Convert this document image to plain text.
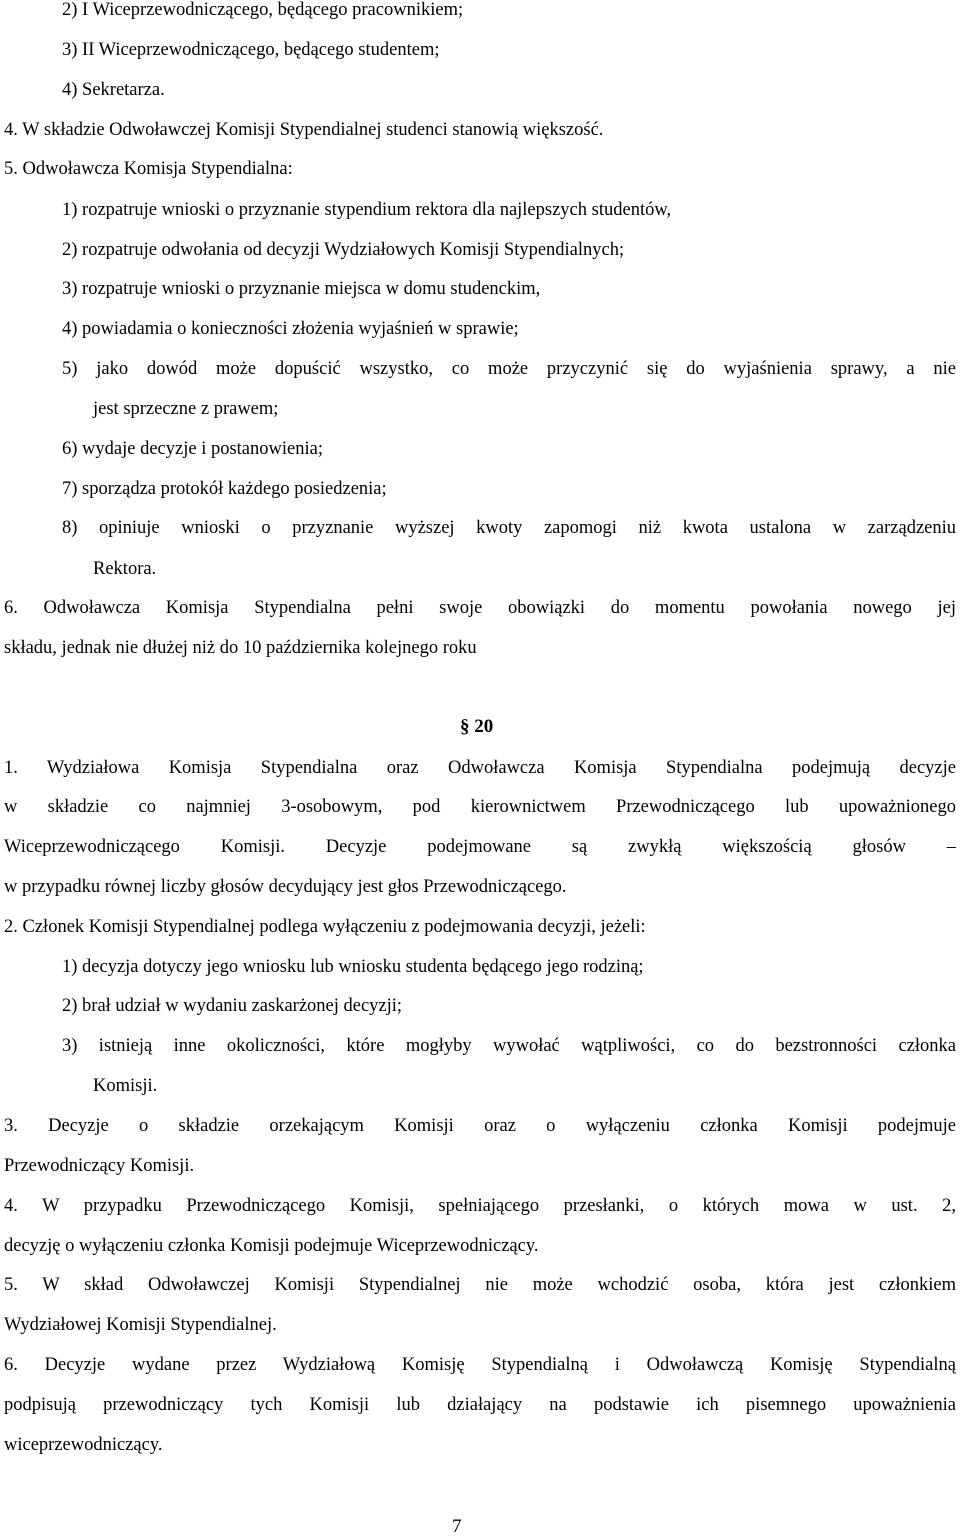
2) I Wiceprzewodniczącego, będącego pracownikiem;
3) II Wiceprzewodniczącego, będącego studentem;
4) Sekretarza.
4. W składzie Odwoławczej Komisji Stypendialnej studenci stanowią większość.
5. Odwoławcza Komisja Stypendialna:
1) rozpatruje wnioski o przyznanie stypendium rektora dla najlepszych studentów,
2) rozpatruje odwołania od decyzji Wydziałowych Komisji Stypendialnych;
3) rozpatruje wnioski o przyznanie miejsca w domu studenckim,
4) powiadamia o konieczności złożenia wyjaśnień w sprawie;
5) jako dowód może dopuścić wszystko, co może przyczynić się do wyjaśnienia sprawy, a nie
jest sprzeczne z prawem;
6) wydaje decyzje i postanowienia;
7) sporządza protokół każdego posiedzenia;
8) opiniuje wnioski o przyznanie wyższej kwoty zapomogi niż kwota ustalona w zarządzeniu
Rektora.
6. Odwoławcza Komisja Stypendialna pełni swoje obowiązki do momentu powołania nowego jej
składu, jednak nie dłużej niż do 10 października kolejnego roku
§ 20
1. Wydziałowa Komisja Stypendialna oraz Odwoławcza Komisja Stypendialna podejmują decyzje
w składzie co najmniej 3-osobowym, pod kierownictwem Przewodniczącego lub upoważnionego
Wiceprzewodniczącego Komisji. Decyzje podejmowane są zwykłą większością głosów –
w przypadku równej liczby głosów decydujący jest głos Przewodniczącego.
2. Członek Komisji Stypendialnej podlega wyłączeniu z podejmowania decyzji, jeżeli:
1) decyzja dotyczy jego wniosku lub wniosku studenta będącego jego rodziną;
2) brał udział w wydaniu zaskarżonej decyzji;
3) istnieją inne okoliczności, które mogłyby wywołać wątpliwości, co do bezstronności członka
Komisji.
3. Decyzje o składzie orzekającym Komisji oraz o wyłączeniu członka Komisji podejmuje
Przewodniczący Komisji.
4. W przypadku Przewodniczącego Komisji, spełniającego przesłanki, o których mowa w ust. 2,
decyzję o wyłączeniu członka Komisji podejmuje Wiceprzewodniczący.
5. W skład Odwoławczej Komisji Stypendialnej nie może wchodzić osoba, która jest członkiem
Wydziałowej Komisji Stypendialnej.
6. Decyzje wydane przez Wydziałową Komisję Stypendialną i Odwoławczą Komisję Stypendialną
podpisują przewodniczący tych Komisji lub działający na podstawie ich pisemnego upoważnienia
wiceprzewodniczący.
7
